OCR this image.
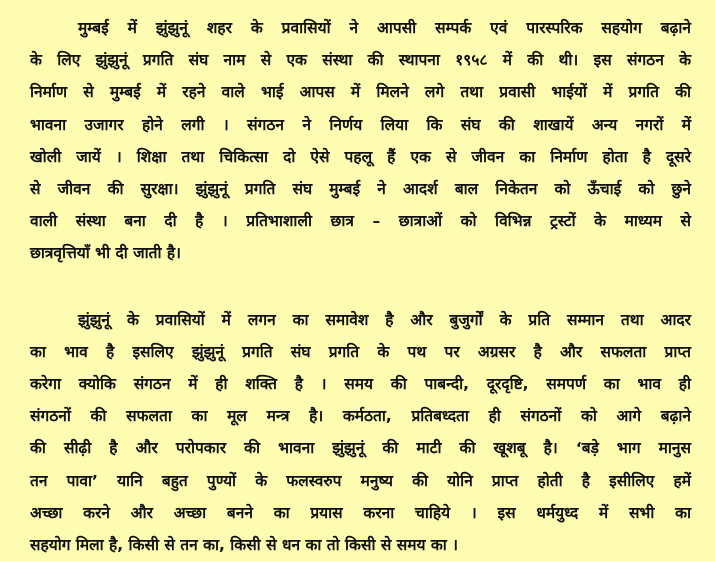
मुम्बई में झुंझुनूं शहर के प्रवासियों ने आपसी सम्पर्क एवं पारस्परिक सहयोग बढ़ाने
के लिए झुंझुनूं प्रगति संघ नाम से एक संस्था की स्थापना १९५८ में की थी। इस संगठन के
निर्माण से मुम्बई में रहने वाले भाई आपस में मिलने लगे तथा प्रवासी भाईयों में प्रगति की
भावना उजागर होने लगी । संगठन ने निर्णय लिया कि संघ की शाखायें अन्य नगरों में
खोली जायें । शिक्षा तथा चिकित्सा दो ऐसे पहलू हैं एक से जीवन का निर्माण होता है दूसरे
से जीवन की सुरक्षा। झुंझुनूं प्रगति संघ मुम्बई ने आदर्श बाल निकेतन को ऊँचाई को छुने
वाली संस्था बना दी है । प्रतिभाशाली छात्र – छात्राओं को विभिन्न ट्रस्टों के माध्यम से
छात्रवृत्तियाँ भी दी जाती है।
झुंझुनूं के प्रवासियों में लगन का समावेश है और बुजुर्गों के प्रति सम्मान तथा आदर
का भाव है इसलिए झुंझुनूं प्रगति संघ प्रगति के पथ पर अग्रसर है और सफलता प्राप्त
करेगा क्योकि संगठन में ही शक्ति है । समय की पाबन्दी, दूरदृष्टि, समपर्ण का भाव ही
संगठनों की सफलता का मूल मन्त्र है। कर्मठता, प्रतिबध्दता ही संगठनों को आगे बढ़ाने
की सीढ़ी है और परोपकार की भावना झुंझुनूं की माटी की खूशबू है। ‘बड़े भाग मानुस
तन पावा’ यानि बहुत पुण्यों के फलस्वरुप मनुष्य की योनि प्राप्त होती है इसीलिए हमें
अच्छा करने और अच्छा बनने का प्रयास करना चाहिये । इस धर्मयुध्द में सभी का
सहयोग मिला है, किसी से तन का, किसी से धन का तो किसी से समय का ।
